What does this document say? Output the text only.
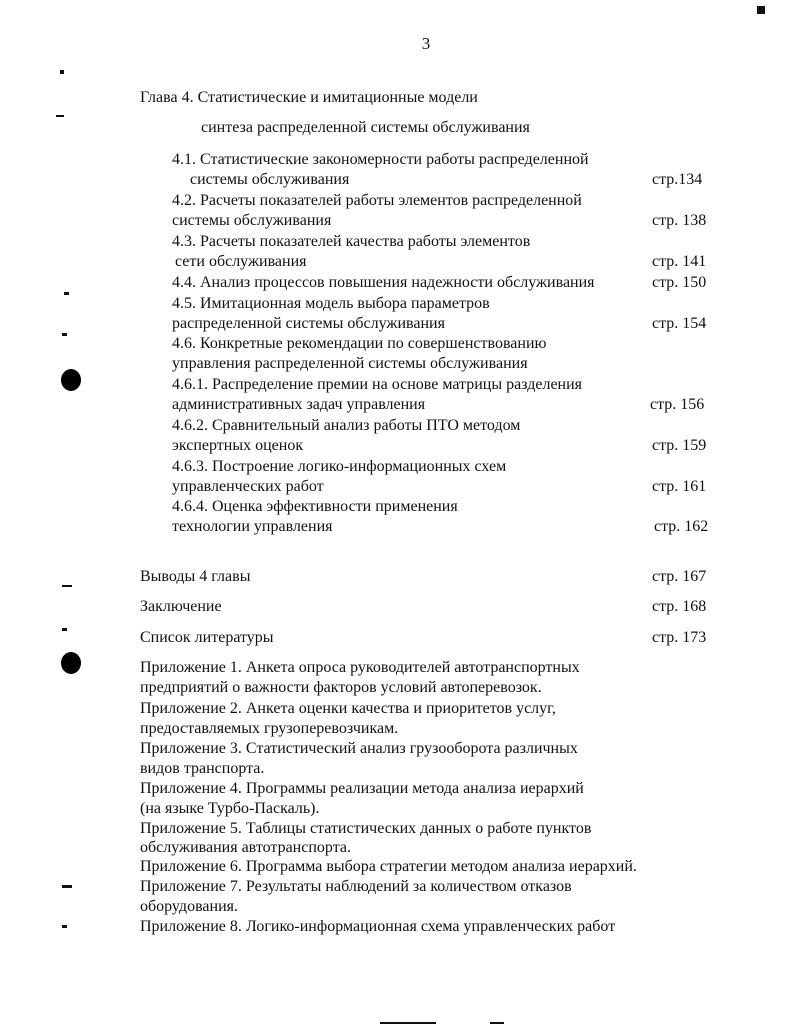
3
Глава 4. Статистические и имитационные модели
синтеза распределенной системы обслуживания
4.1. Статистические закономерности работы распределенной
системы обслуживания	стр.134
4.2. Расчеты показателей работы элементов распределенной
системы обслуживания	стр. 138
4.3. Расчеты показателей качества работы элементов
сети обслуживания	стр. 141
4.4. Анализ процессов повышения надежности обслуживания	стр. 150
4.5. Имитационная модель выбора параметров
распределенной системы обслуживания	стр. 154
4.6. Конкретные рекомендации по совершенствованию
управления распределенной системы обслуживания
4.6.1. Распределение премии на основе матрицы разделения
административных задач управления	стр. 156
4.6.2. Сравнительный анализ работы ПТО методом
экспертных оценок	стр. 159
4.6.3. Построение логико-информационных схем
управленческих работ	стр. 161
4.6.4. Оценка эффективности применения
технологии управления	стр. 162
Выводы 4 главы	стр. 167
Заключение	стр. 168
Список литературы	стр. 173
Приложение 1. Анкета опроса руководителей автотранспортных
предприятий о важности факторов условий автоперевозок.
Приложение 2. Анкета оценки качества и приоритетов услуг,
предоставляемых грузоперевозчикам.
Приложение 3. Статистический анализ грузооборота различных
видов транспорта.
Приложение 4. Программы реализации метода анализа иерархий
(на языке Турбо-Паскаль).
Приложение 5. Таблицы статистических данных о работе пунктов
обслуживания автотранспорта.
Приложение 6. Программа выбора стратегии методом анализа иерархий.
Приложение 7. Результаты наблюдений за количеством отказов
оборудования.
Приложение 8. Логико-информационная схема управленческих работ
